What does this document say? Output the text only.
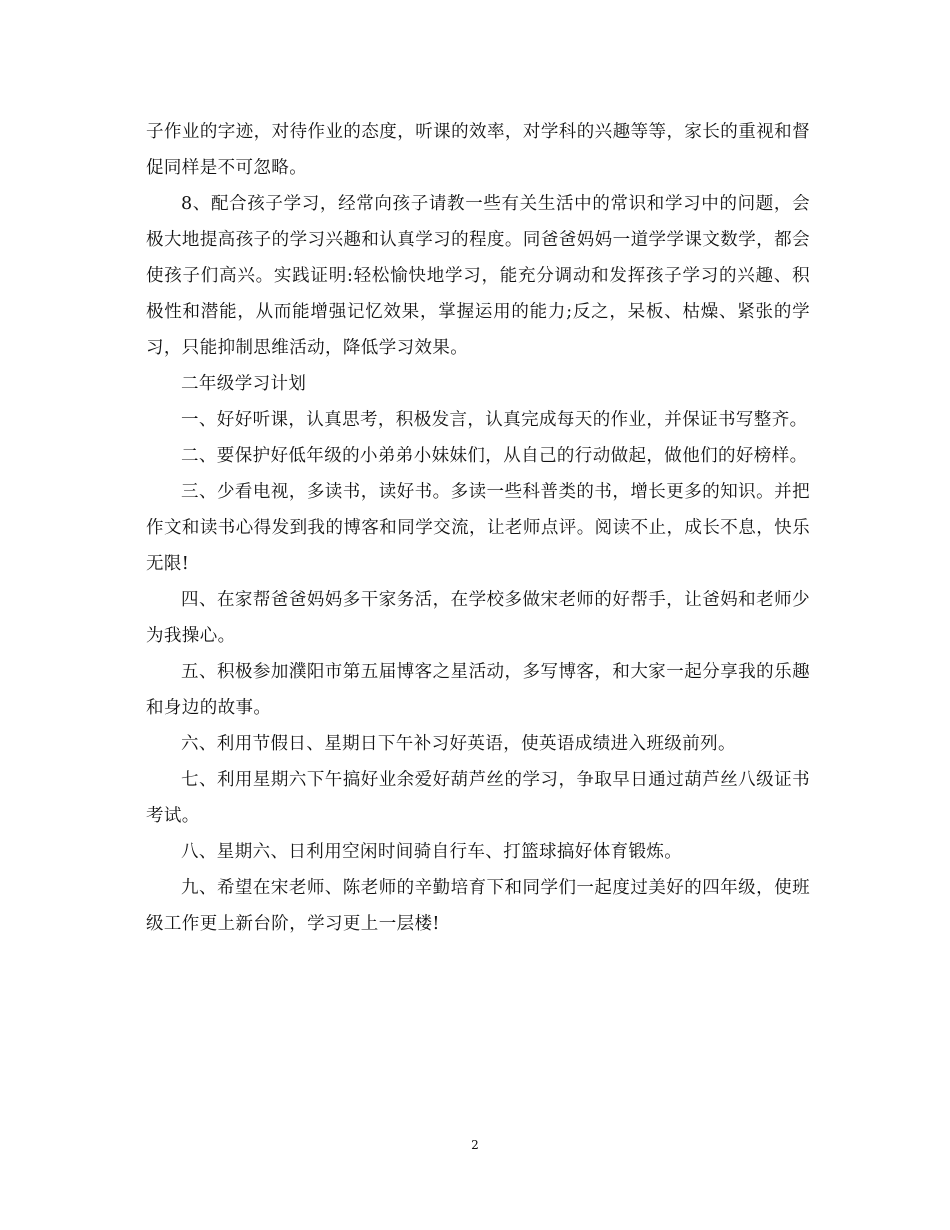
子作业的字迹，对待作业的态度，听课的效率，对学科的兴趣等等，家长的重视和督促同样是不可忽略。

8、配合孩子学习，经常向孩子请教一些有关生活中的常识和学习中的问题，会极大地提高孩子的学习兴趣和认真学习的程度。同爸爸妈妈一道学学课文数学，都会使孩子们高兴。实践证明:轻松愉快地学习，能充分调动和发挥孩子学习的兴趣、积极性和潜能，从而能增强记忆效果，掌握运用的能力;反之，呆板、枯燥、紧张的学习，只能抑制思维活动，降低学习效果。

二年级学习计划

一、好好听课，认真思考，积极发言，认真完成每天的作业，并保证书写整齐。

二、要保护好低年级的小弟弟小妹妹们，从自己的行动做起，做他们的好榜样。

三、少看电视，多读书，读好书。多读一些科普类的书，增长更多的知识。并把作文和读书心得发到我的博客和同学交流，让老师点评。阅读不止，成长不息，快乐无限!

四、在家帮爸爸妈妈多干家务活，在学校多做宋老师的好帮手，让爸妈和老师少为我操心。

五、积极参加濮阳市第五届博客之星活动，多写博客，和大家一起分享我的乐趣和身边的故事。

六、利用节假日、星期日下午补习好英语，使英语成绩进入班级前列。

七、利用星期六下午搞好业余爱好葫芦丝的学习，争取早日通过葫芦丝八级证书考试。

八、星期六、日利用空闲时间骑自行车、打篮球搞好体育锻炼。

九、希望在宋老师、陈老师的辛勤培育下和同学们一起度过美好的四年级，使班级工作更上新台阶，学习更上一层楼!

2
